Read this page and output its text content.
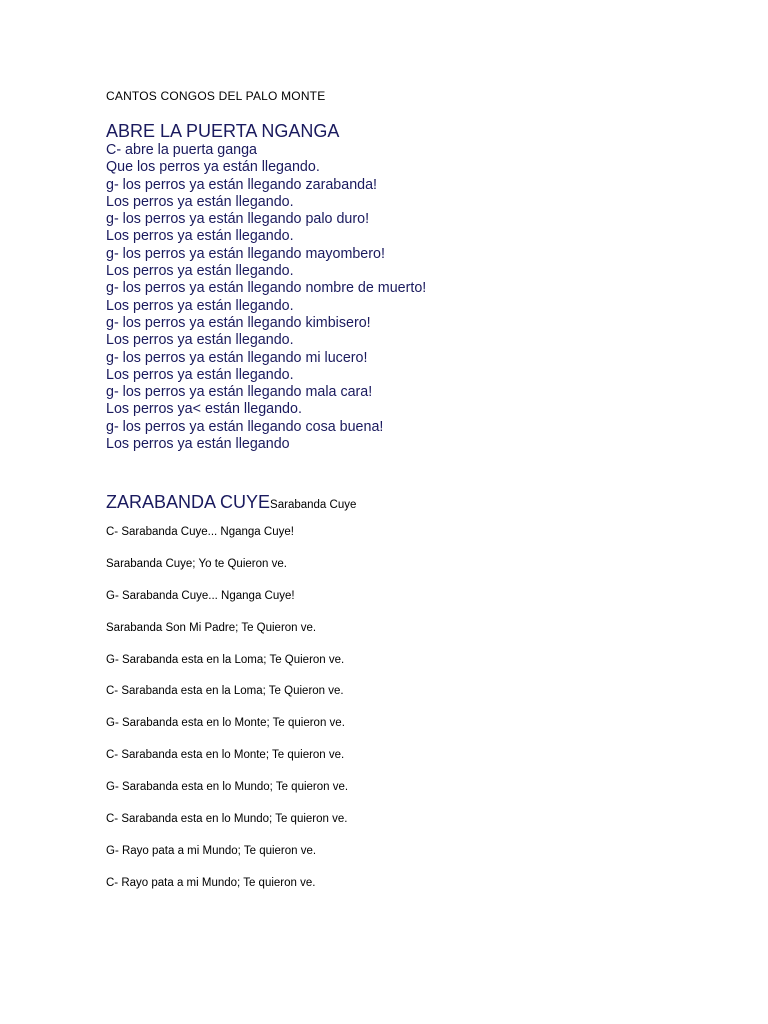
CANTOS CONGOS DEL PALO MONTE
ABRE LA PUERTA NGANGA
C- abre la puerta ganga
Que los perros ya están llegando.
g- los perros ya están llegando zarabanda!
Los perros ya están llegando.
g- los perros ya están llegando palo duro!
Los perros ya están llegando.
g- los perros ya están llegando mayombero!
Los perros ya están llegando.
g- los perros ya están llegando nombre de muerto!
Los perros ya están llegando.
g- los perros ya están llegando kimbisero!
Los perros ya están llegando.
g- los perros ya están llegando mi lucero!
Los perros ya están llegando.
g- los perros ya están llegando mala cara!
Los perros ya< están llegando.
g- los perros ya están llegando cosa buena!
Los perros ya están llegando
ZARABANDA CUYESarabanda Cuye
C- Sarabanda Cuye... Nganga Cuye!
Sarabanda Cuye; Yo te Quieron ve.
G- Sarabanda Cuye... Nganga Cuye!
Sarabanda Son Mi Padre; Te Quieron ve.
G- Sarabanda esta en la Loma; Te Quieron ve.
C- Sarabanda esta en la Loma; Te Quieron ve.
G- Sarabanda esta en lo Monte; Te quieron ve.
C- Sarabanda esta en lo Monte; Te quieron ve.
G- Sarabanda esta en lo Mundo; Te quieron ve.
C- Sarabanda esta en lo Mundo; Te quieron ve.
G- Rayo pata a mi Mundo; Te quieron ve.
C- Rayo pata a mi Mundo; Te quieron ve.
